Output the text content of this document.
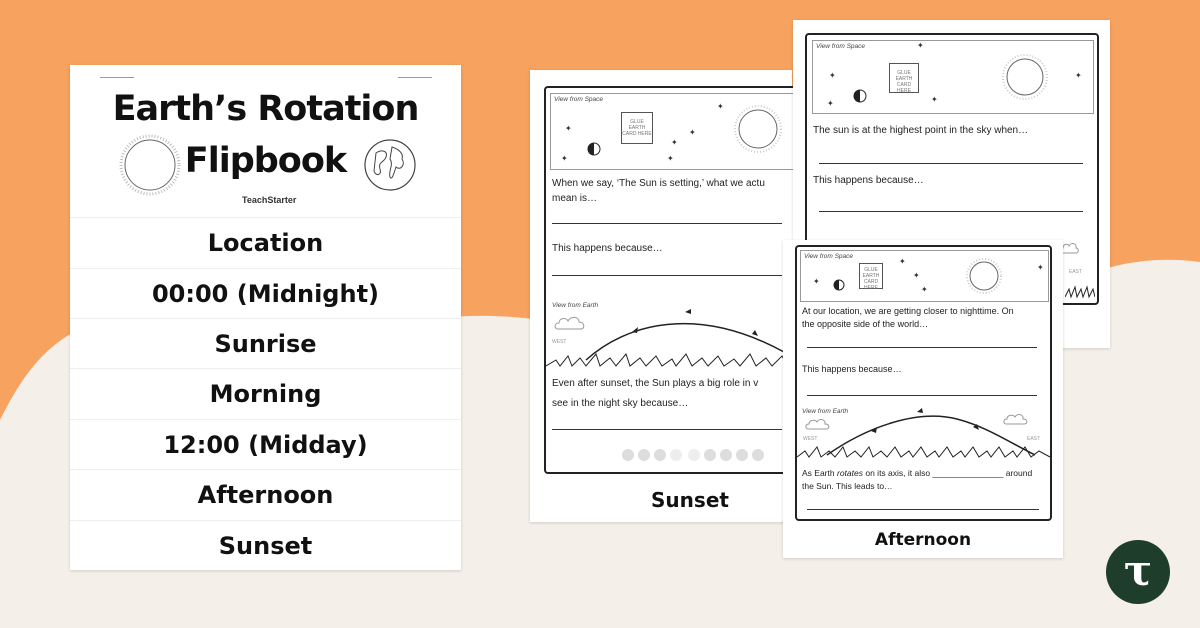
Earth’s Rotation
Flipbook
TeachStarter
Location
00:00 (Midnight)
Sunrise
Morning
12:00 (Midday)
Afternoon
Sunset
View from Space
GLUE EARTH CARD HERE
✦
✦
✦
✦
✦
✦
When we say, ‘The Sun is setting,’ what we actu
mean is…
This happens because…
View from Earth
WEST
Even after sunset, the Sun plays a big role in v
see in the night sky because…
Sunset
View from Space
GLUE EARTH CARD HERE
✦
✦
✦
✦	✦
The sun is at the highest point in the sky when…
This happens because…
EAST
View from Space
GLUE EARTH CARD HERE
✦
✦
✦
✦
✦
At our location, we are getting closer to nighttime. On
the opposite side of the world…
This happens because…
View from Earth
WEST	EAST
As Earth rotates on its axis, it also _______________ around
the Sun. This leads to…
Afternoon
τ
